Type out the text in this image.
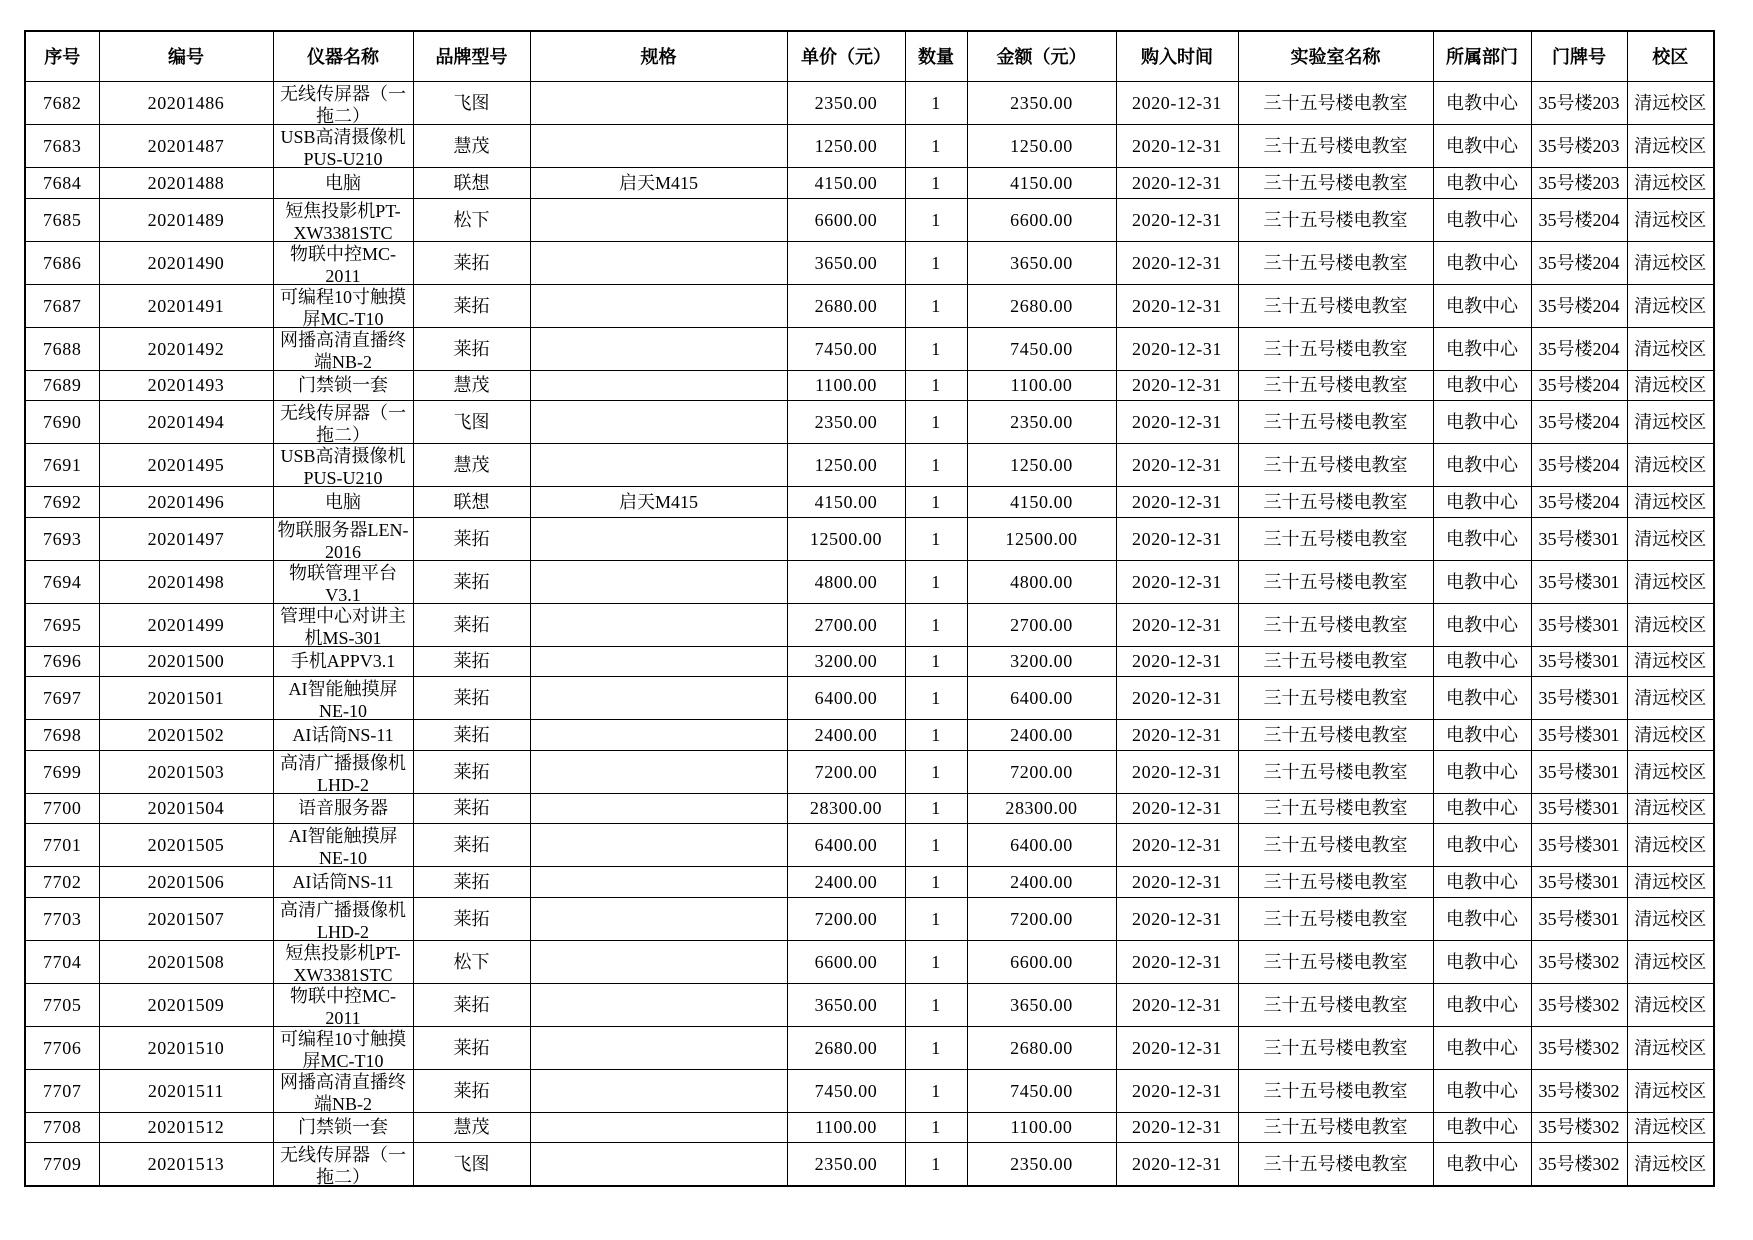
序号	编号	仪器名称	品牌型号	规格	单价（元）	数量	金额（元）	购入时间	实验室名称	所属部门	门牌号	校区

7682	20201486	无线传屏器（一拖二）	飞图		2350.00	1	2350.00	2020-12-31	三十五号楼电教室	电教中心	35号楼203	清远校区

7683	20201487	USB高清摄像机PUS-U210	慧茂		1250.00	1	1250.00	2020-12-31	三十五号楼电教室	电教中心	35号楼203	清远校区

7684	20201488	电脑	联想	启天M415	4150.00	1	4150.00	2020-12-31	三十五号楼电教室	电教中心	35号楼203	清远校区

7685	20201489	短焦投影机PT-XW3381STC	松下		6600.00	1	6600.00	2020-12-31	三十五号楼电教室	电教中心	35号楼204	清远校区

7686	20201490	物联中控MC-2011	莱拓		3650.00	1	3650.00	2020-12-31	三十五号楼电教室	电教中心	35号楼204	清远校区

7687	20201491	可编程10寸触摸屏MC-T10	莱拓		2680.00	1	2680.00	2020-12-31	三十五号楼电教室	电教中心	35号楼204	清远校区

7688	20201492	网播高清直播终端NB-2	莱拓		7450.00	1	7450.00	2020-12-31	三十五号楼电教室	电教中心	35号楼204	清远校区

7689	20201493	门禁锁一套	慧茂		1100.00	1	1100.00	2020-12-31	三十五号楼电教室	电教中心	35号楼204	清远校区

7690	20201494	无线传屏器（一拖二）	飞图		2350.00	1	2350.00	2020-12-31	三十五号楼电教室	电教中心	35号楼204	清远校区

7691	20201495	USB高清摄像机PUS-U210	慧茂		1250.00	1	1250.00	2020-12-31	三十五号楼电教室	电教中心	35号楼204	清远校区

7692	20201496	电脑	联想	启天M415	4150.00	1	4150.00	2020-12-31	三十五号楼电教室	电教中心	35号楼204	清远校区

7693	20201497	物联服务器LEN-2016	莱拓		12500.00	1	12500.00	2020-12-31	三十五号楼电教室	电教中心	35号楼301	清远校区

7694	20201498	物联管理平台V3.1	莱拓		4800.00	1	4800.00	2020-12-31	三十五号楼电教室	电教中心	35号楼301	清远校区

7695	20201499	管理中心对讲主机MS-301	莱拓		2700.00	1	2700.00	2020-12-31	三十五号楼电教室	电教中心	35号楼301	清远校区

7696	20201500	手机APPV3.1	莱拓		3200.00	1	3200.00	2020-12-31	三十五号楼电教室	电教中心	35号楼301	清远校区

7697	20201501	AI智能触摸屏NE-10	莱拓		6400.00	1	6400.00	2020-12-31	三十五号楼电教室	电教中心	35号楼301	清远校区

7698	20201502	AI话筒NS-11	莱拓		2400.00	1	2400.00	2020-12-31	三十五号楼电教室	电教中心	35号楼301	清远校区

7699	20201503	高清广播摄像机LHD-2	莱拓		7200.00	1	7200.00	2020-12-31	三十五号楼电教室	电教中心	35号楼301	清远校区

7700	20201504	语音服务器	莱拓		28300.00	1	28300.00	2020-12-31	三十五号楼电教室	电教中心	35号楼301	清远校区

7701	20201505	AI智能触摸屏NE-10	莱拓		6400.00	1	6400.00	2020-12-31	三十五号楼电教室	电教中心	35号楼301	清远校区

7702	20201506	AI话筒NS-11	莱拓		2400.00	1	2400.00	2020-12-31	三十五号楼电教室	电教中心	35号楼301	清远校区

7703	20201507	高清广播摄像机LHD-2	莱拓		7200.00	1	7200.00	2020-12-31	三十五号楼电教室	电教中心	35号楼301	清远校区

7704	20201508	短焦投影机PT-XW3381STC	松下		6600.00	1	6600.00	2020-12-31	三十五号楼电教室	电教中心	35号楼302	清远校区

7705	20201509	物联中控MC-2011	莱拓		3650.00	1	3650.00	2020-12-31	三十五号楼电教室	电教中心	35号楼302	清远校区

7706	20201510	可编程10寸触摸屏MC-T10	莱拓		2680.00	1	2680.00	2020-12-31	三十五号楼电教室	电教中心	35号楼302	清远校区

7707	20201511	网播高清直播终端NB-2	莱拓		7450.00	1	7450.00	2020-12-31	三十五号楼电教室	电教中心	35号楼302	清远校区

7708	20201512	门禁锁一套	慧茂		1100.00	1	1100.00	2020-12-31	三十五号楼电教室	电教中心	35号楼302	清远校区

7709	20201513	无线传屏器（一拖二）	飞图		2350.00	1	2350.00	2020-12-31	三十五号楼电教室	电教中心	35号楼302	清远校区
